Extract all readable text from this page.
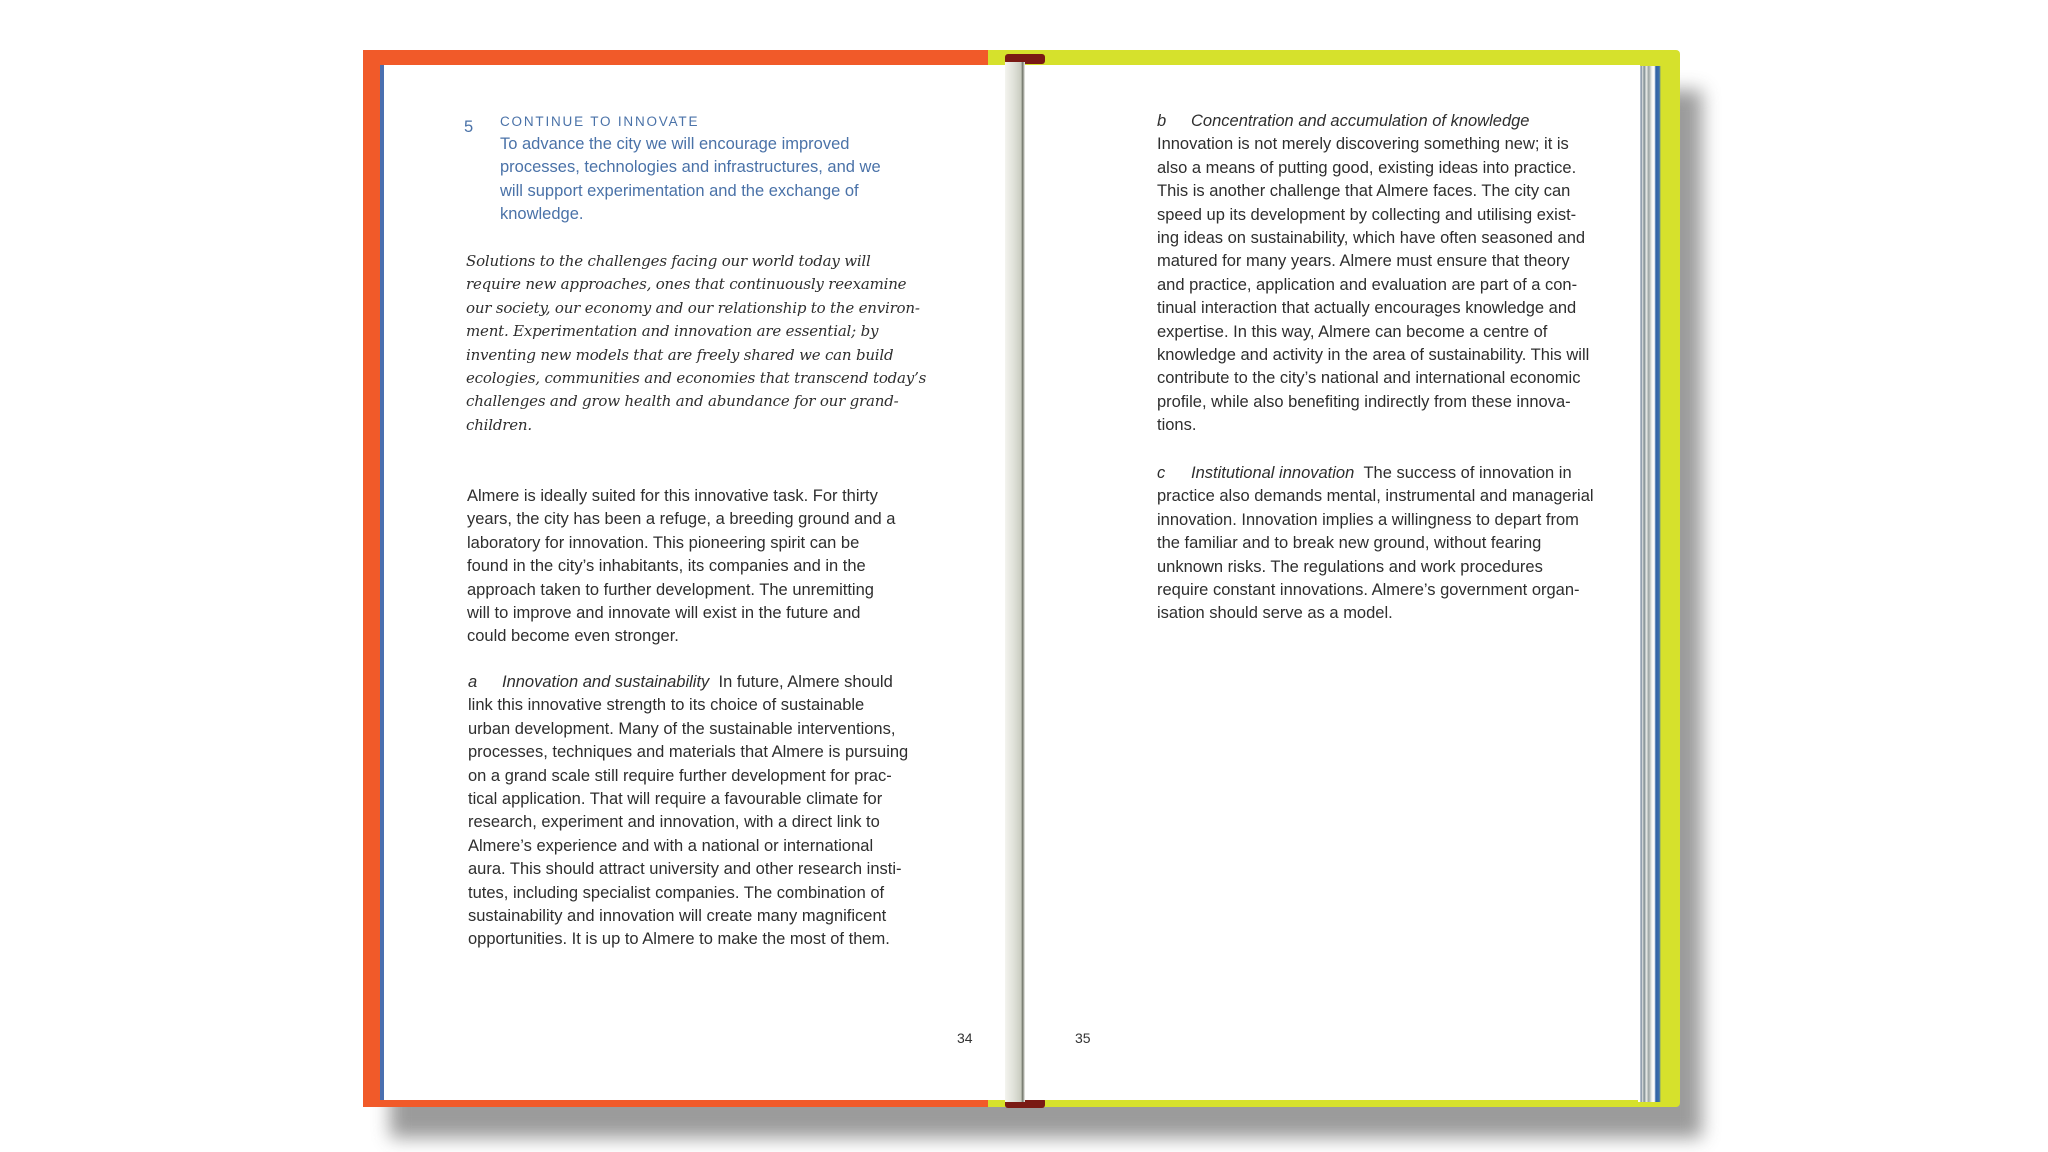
5 CONTINUE TO INNOVATE

To advance the city we will encourage improved

processes, technologies and infrastructures, and we

will support experimentation and the exchange of

knowledge.

Solutions to the challenges facing our world today will

require new approaches, ones that continuously reexamine

our society, our economy and our relationship to the environ-

ment. Experimentation and innovation are essential; by

inventing new models that are freely shared we can build

ecologies, communities and economies that transcend today’s

challenges and grow health and abundance for our grand-

children.

Almere is ideally suited for this innovative task. For thirty

years, the city has been a refuge, a breeding ground and a

laboratory for innovation. This pioneering spirit can be

found in the city’s inhabitants, its companies and in the

approach taken to further development. The unremitting

will to improve and innovate will exist in the future and

could become even stronger.

a Innovation and sustainability In future, Almere should

link this innovative strength to its choice of sustainable

urban development. Many of the sustainable interventions,

processes, techniques and materials that Almere is pursuing

on a grand scale still require further development for prac-

tical application. That will require a favourable climate for

research, experiment and innovation, with a direct link to

Almere’s experience and with a national or international

aura. This should attract university and other research insti-

tutes, including specialist companies. The combination of

sustainability and innovation will create many magnificent

opportunities. It is up to Almere to make the most of them.

34

b Concentration and accumulation of knowledge

Innovation is not merely discovering something new; it is

also a means of putting good, existing ideas into practice.

This is another challenge that Almere faces. The city can

speed up its development by collecting and utilising exist-

ing ideas on sustainability, which have often seasoned and

matured for many years. Almere must ensure that theory

and practice, application and evaluation are part of a con-

tinual interaction that actually encourages knowledge and

expertise. In this way, Almere can become a centre of

knowledge and activity in the area of sustainability. This will

contribute to the city’s national and international economic

profile, while also benefiting indirectly from these innova-

tions.

c Institutional innovation The success of innovation in

practice also demands mental, instrumental and managerial

innovation. Innovation implies a willingness to depart from

the familiar and to break new ground, without fearing

unknown risks. The regulations and work procedures

require constant innovations. Almere’s government organ-

isation should serve as a model.

35
